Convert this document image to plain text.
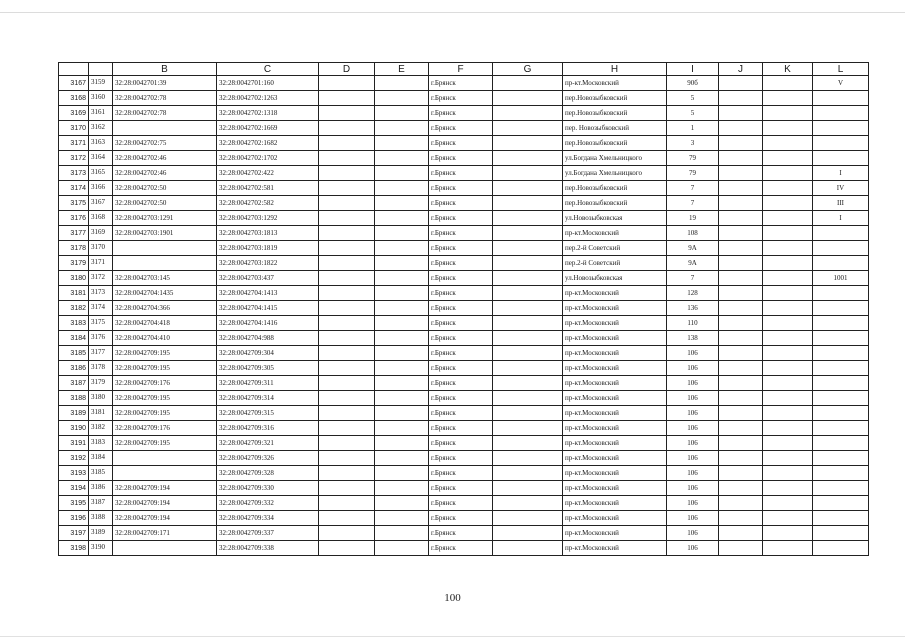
			B	C	D	E	F	G	H	I	J	K	L
3167	3159		32:28:0042701:39	32:28:0042701:160			г.Брянск		пр-кт.Московский	90б			V
3168	3160		32:28:0042702:78	32:28:0042702:1263			г.Брянск		пер.Новозыбковский	5			
3169	3161		32:28:0042702:78	32:28:0042702:1318			г.Брянск		пер.Новозыбковский	5			
3170	3162			32:28:0042702:1669			г.Брянск		пер. Новозыбковский	1			
3171	3163		32:28:0042702:75	32:28:0042702:1682			г.Брянск		пер.Новозыбковский	3			
3172	3164		32:28:0042702:46	32:28:0042702:1702			г.Брянск		ул.Богдана Хмельницкого	79			
3173	3165		32:28:0042702:46	32:28:0042702:422			г.Брянск		ул.Богдана Хмельницкого	79			I
3174	3166		32:28:0042702:50	32:28:0042702:581			г.Брянск		пер.Новозыбковский	7			IV
3175	3167		32:28:0042702:50	32:28:0042702:582			г.Брянск		пер.Новозыбковский	7			III
3176	3168		32:28:0042703:1291	32:28:0042703:1292			г.Брянск		ул.Новозыбковская	19			I
3177	3169		32:28:0042703:1901	32:28:0042703:1813			г.Брянск		пр-кт.Московский	108			
3178	3170			32:28:0042703:1819			г.Брянск		пер.2-й Советский	9А			
3179	3171			32:28:0042703:1822			г.Брянск		пер.2-й Советский	9А			
3180	3172		32:28:0042703:145	32:28:0042703:437			г.Брянск		ул.Новозыбковская	7			1001
3181	3173		32:28:0042704:1435	32:28:0042704:1413			г.Брянск		пр-кт.Московский	128			
3182	3174		32:28:0042704:366	32:28:0042704:1415			г.Брянск		пр-кт.Московский	136			
3183	3175		32:28:0042704:418	32:28:0042704:1416			г.Брянск		пр-кт.Московский	110			
3184	3176		32:28:0042704:410	32:28:0042704:988			г.Брянск		пр-кт.Московский	138			
3185	3177		32:28:0042709:195	32:28:0042709:304			г.Брянск		пр-кт.Московский	106			
3186	3178		32:28:0042709:195	32:28:0042709:305			г.Брянск		пр-кт.Московский	106			
3187	3179		32:28:0042709:176	32:28:0042709:311			г.Брянск		пр-кт.Московский	106			
3188	3180		32:28:0042709:195	32:28:0042709:314			г.Брянск		пр-кт.Московский	106			
3189	3181		32:28:0042709:195	32:28:0042709:315			г.Брянск		пр-кт.Московский	106			
3190	3182		32:28:0042709:176	32:28:0042709:316			г.Брянск		пр-кт.Московский	106			
3191	3183		32:28:0042709:195	32:28:0042709:321			г.Брянск		пр-кт.Московский	106			
3192	3184			32:28:0042709:326			г.Брянск		пр-кт.Московский	106			
3193	3185			32:28:0042709:328			г.Брянск		пр-кт.Московский	106			
3194	3186		32:28:0042709:194	32:28:0042709:330			г.Брянск		пр-кт.Московский	106			
3195	3187		32:28:0042709:194	32:28:0042709:332			г.Брянск		пр-кт.Московский	106			
3196	3188		32:28:0042709:194	32:28:0042709:334			г.Брянск		пр-кт.Московский	106			
3197	3189		32:28:0042709:171	32:28:0042709:337			г.Брянск		пр-кт.Московский	106			
3198	3190			32:28:0042709:338			г.Брянск		пр-кт.Московский	106			
100
